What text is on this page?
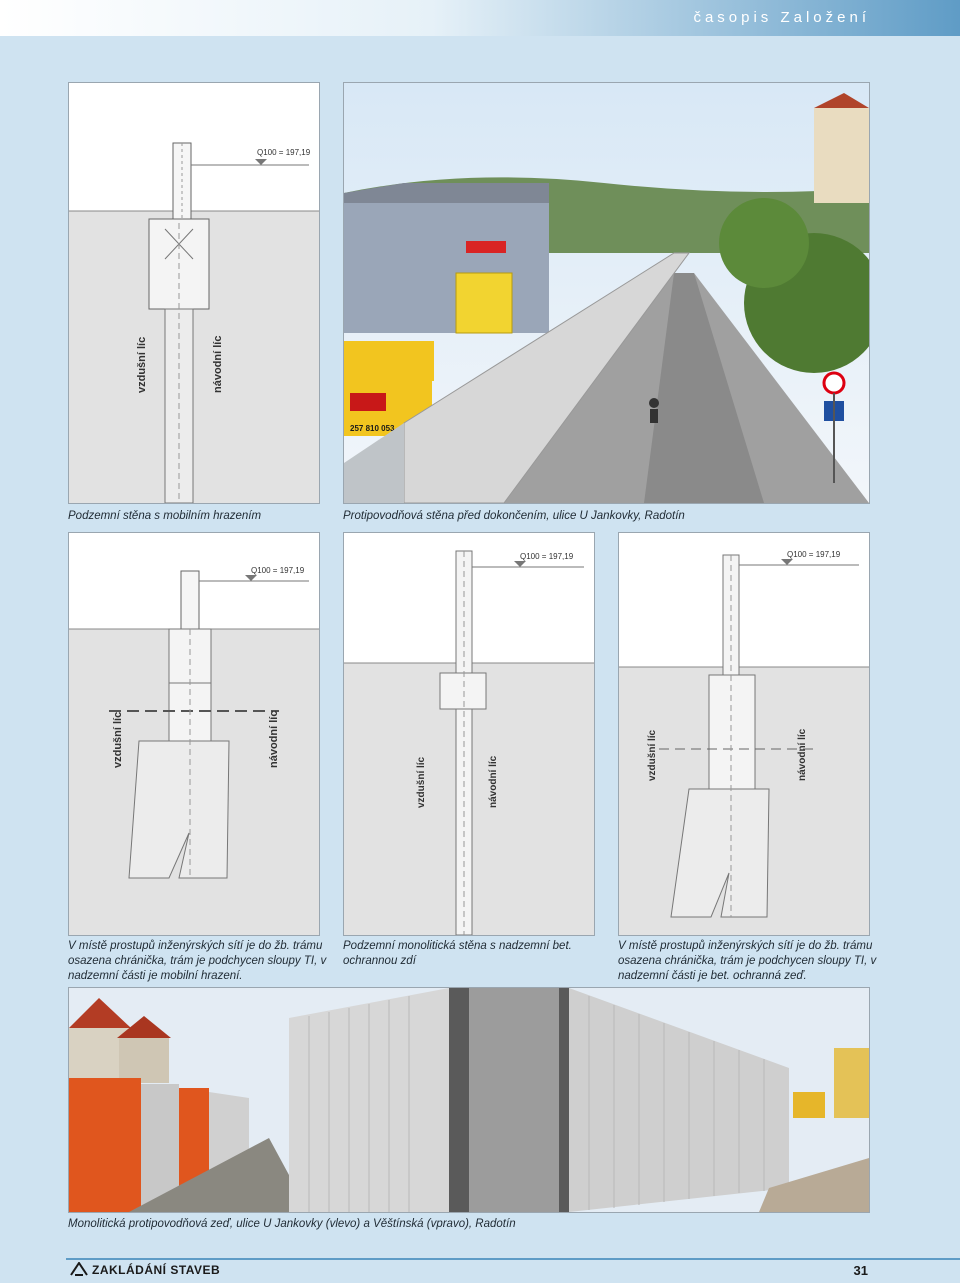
časopis Založení
Q100 = 197,19
vzdušní líc	návodní líc
Podzemní stěna s mobilním hrazením
257 810 053
Protipovodňová stěna před dokončením, ulice U Jankovky, Radotín
Q100 = 197,19
vzdušní líc	návodní líc
V místě prostupů inženýrských sítí je do žb. trámu osazena chránička, trám je podchycen sloupy TI, v nadzemní části je mobilní hrazení.
Q100 = 197,19
vzdušní líc	návodní líc
Podzemní monolitická stěna s nadzemní bet. ochrannou zdí
Q100 = 197,19
vzdušní líc	návodní líc
V místě prostupů inženýrských sítí je do žb. trámu osazena chránička, trám je podchycen sloupy TI, v nadzemní části je bet. ochranná zeď.
Monolitická protipovodňová zeď, ulice U Jankovky (vlevo) a Věštínská (vpravo), Radotín
ZAKLÁDÁNÍ STAVEB	31
